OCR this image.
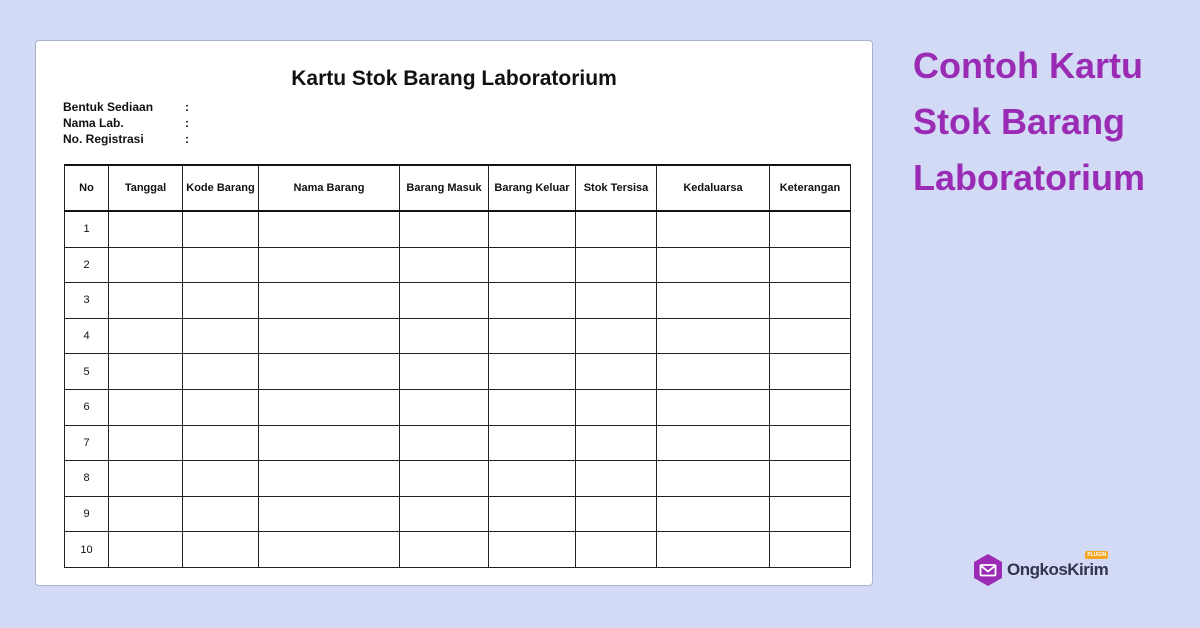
Kartu Stok Barang Laboratorium
Bentuk Sediaan	:
Nama Lab.	:
No. Registrasi	:
No	Tanggal	Kode Barang	Nama Barang	Barang Masuk	Barang Keluar	Stok Tersisa	Kedaluarsa	Keterangan
1								
2								
3								
4								
5								
6								
7								
8								
9								
10								
Contoh Kartu
Stok Barang
Laboratorium
OngkosKirim
PLUGIN
